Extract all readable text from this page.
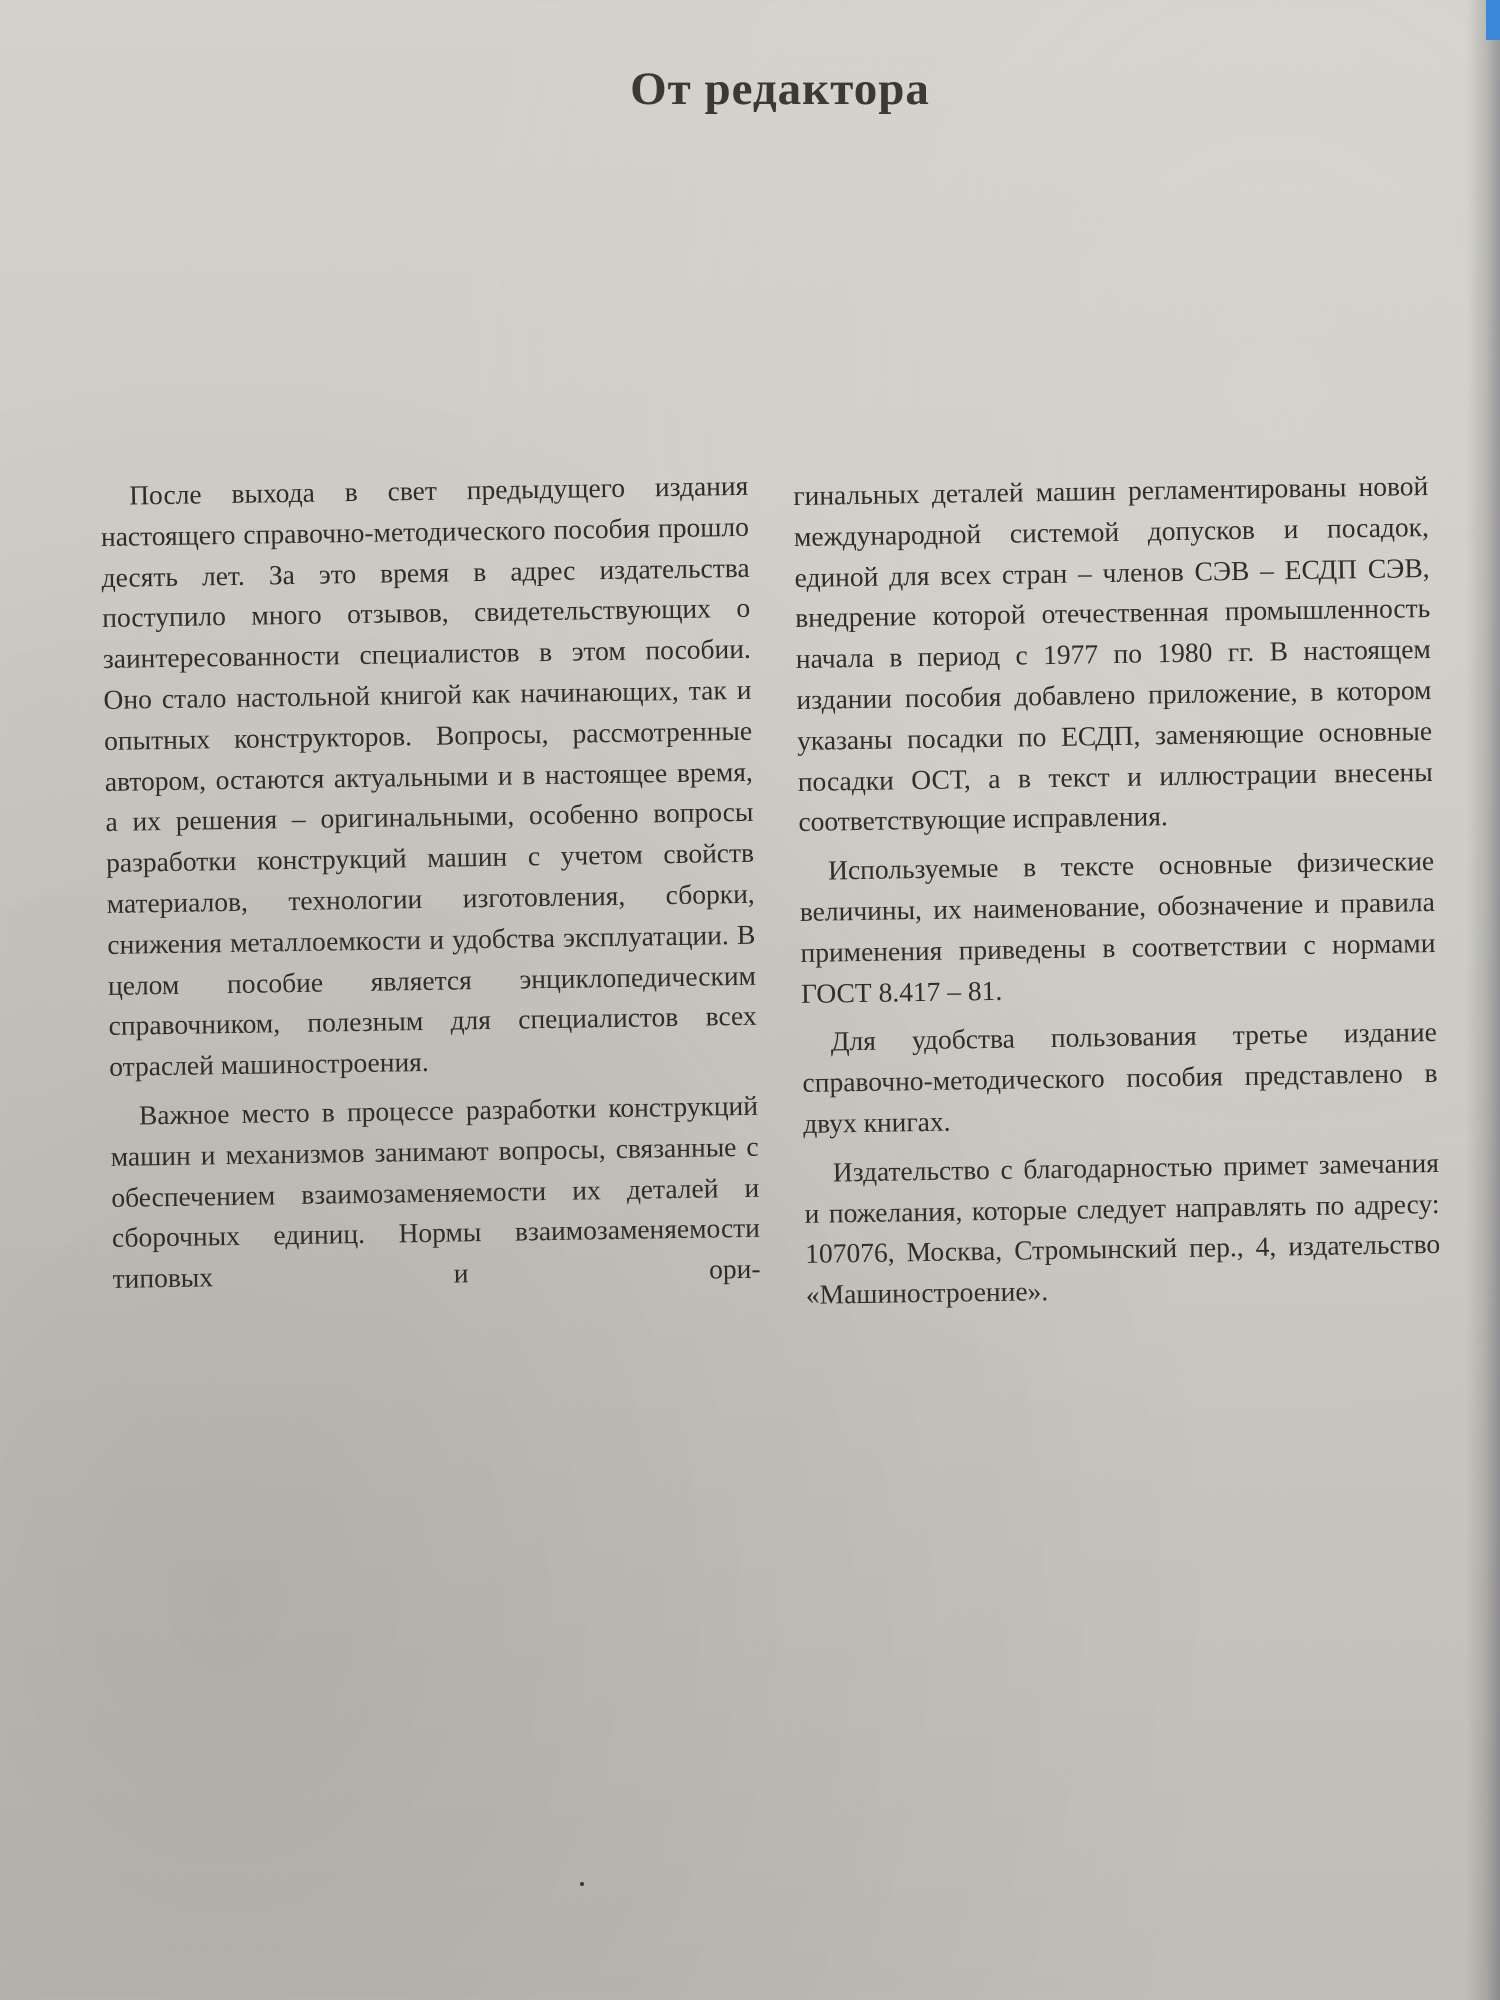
От редактора

После выхода в свет предыдущего издания настоящего справочно-методического пособия прошло десять лет. За это время в адрес издательства поступило много отзывов, свидетельствующих о заинтересованности специалистов в этом пособии. Оно стало настольной книгой как начинающих, так и опытных конструкторов. Вопросы, рассмотренные автором, остаются актуальными и в настоящее время, а их решения – оригинальными, особенно вопросы разработки конструкций машин с учетом свойств материалов, технологии изготовления, сборки, снижения металлоемкости и удобства эксплуатации. В целом пособие является энциклопедическим справочником, полезным для специалистов всех отраслей машиностроения.

Важное место в процессе разработки конструкций машин и механизмов занимают вопросы, связанные с обеспечением взаимозаменяемости их деталей и сборочных единиц. Нормы взаимозаменяемости типовых и ори-

гинальных деталей машин регламентированы новой международной системой допусков и посадок, единой для всех стран – членов СЭВ – ЕСДП СЭВ, внедрение которой отечественная промышленность начала в период с 1977 по 1980 гг. В настоящем издании пособия добавлено приложение, в котором указаны посадки по ЕСДП, заменяющие основные посадки ОСТ, а в текст и иллюстрации внесены соответствующие исправления.

Используемые в тексте основные физические величины, их наименование, обозначение и правила применения приведены в соответствии с нормами ГОСТ 8.417 – 81.

Для удобства пользования третье издание справочно-методического пособия представлено в двух книгах.

Издательство с благодарностью примет замечания и пожелания, которые следует направлять по адресу: 107076, Москва, Стромынский пер., 4, издательство «Машиностроение».
